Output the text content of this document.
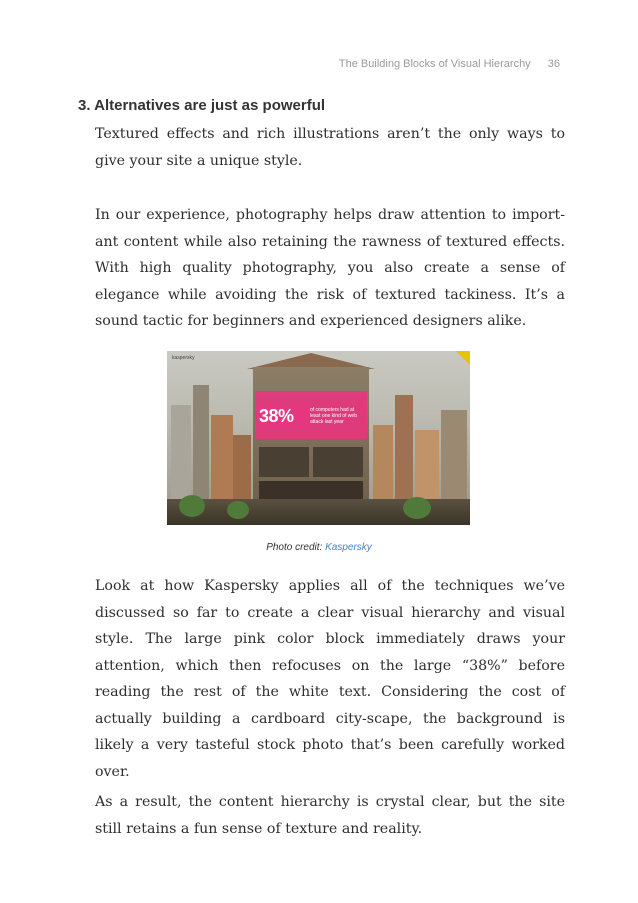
The Building Blocks of Visual Hierarchy 36
3. Alternatives are just as powerful

Textured effects and rich illustrations aren’t the only ways to give your site a unique style.

In our experience, photography helps draw attention to import-ant content while also retaining the rawness of textured effects. With high quality photography, you also create a sense of elegance while avoiding the risk of textured tackiness. It’s a sound tactic for beginners and experienced designers alike.

kaspersky
38%	of computers had at least one kind of web attack last year
Photo credit: Kaspersky

Look at how Kaspersky applies all of the techniques we’ve discussed so far to create a clear visual hierarchy and visual style. The large pink color block immediately draws your attention, which then refocuses on the large “38%” before reading the rest of the white text. Considering the cost of actually building a cardboard city-scape, the background is likely a very tasteful stock photo that’s been carefully worked over.

As a result, the content hierarchy is crystal clear, but the site still retains a fun sense of texture and reality.
